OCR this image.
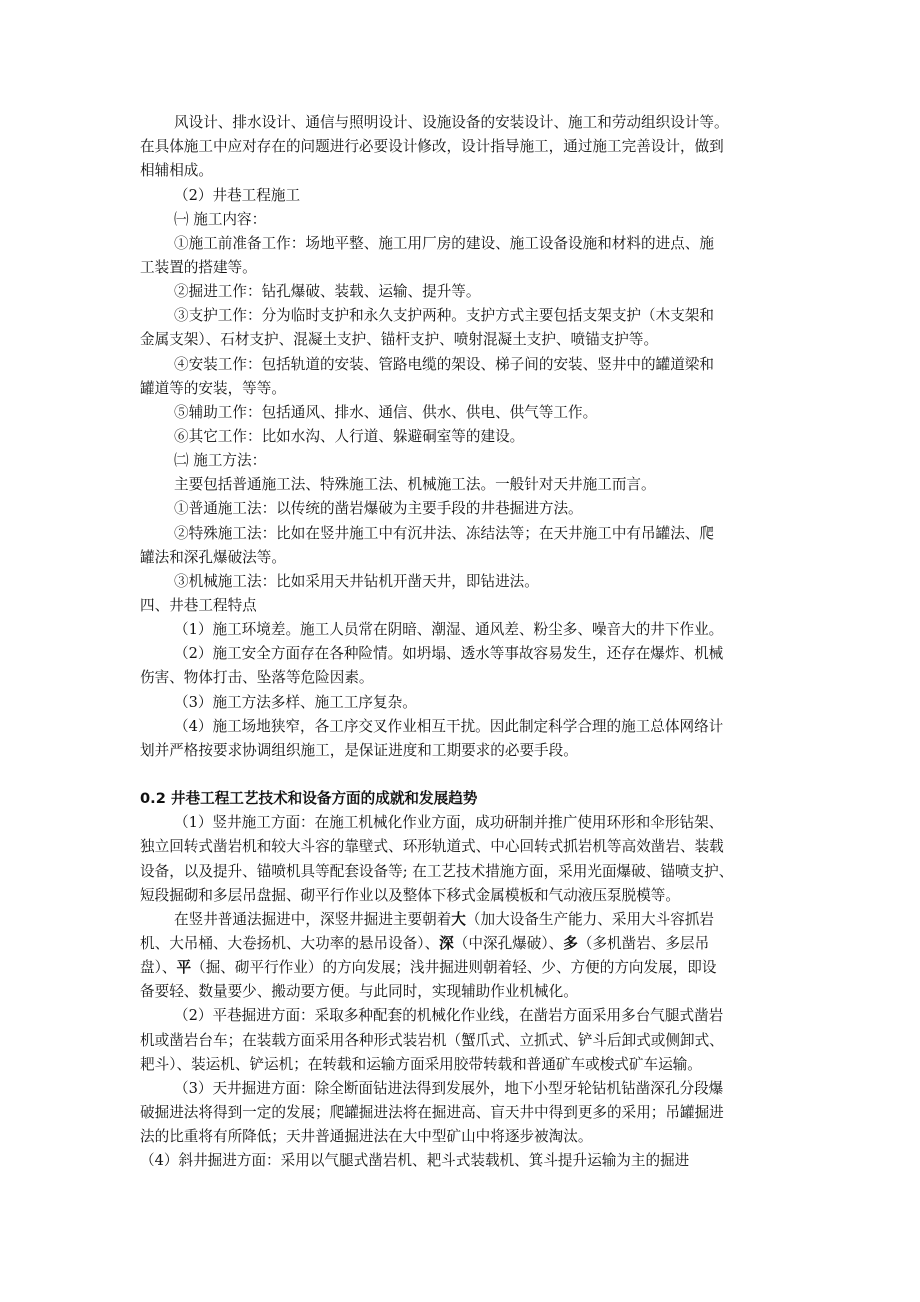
风设计、排水设计、通信与照明设计、设施设备的安装设计、施工和劳动组织设计等。
在具体施工中应对存在的问题进行必要设计修改，设计指导施工，通过施工完善设计，做到
相辅相成。
（2）井巷工程施工
㈠ 施工内容：
①施工前准备工作：场地平整、施工用厂房的建设、施工设备设施和材料的进点、施
工装置的搭建等。
②掘进工作：钻孔爆破、装载、运输、提升等。
③支护工作：分为临时支护和永久支护两种。支护方式主要包括支架支护（木支架和
金属支架）、石材支护、混凝土支护、锚杆支护、喷射混凝土支护、喷锚支护等。
④安装工作：包括轨道的安装、管路电缆的架设、梯子间的安装、竖井中的罐道梁和
罐道等的安装，等等。
⑤辅助工作：包括通风、排水、通信、供水、供电、供气等工作。
⑥其它工作：比如水沟、人行道、躲避硐室等的建设。
㈡ 施工方法：
主要包括普通施工法、特殊施工法、机械施工法。一般针对天井施工而言。
①普通施工法：以传统的凿岩爆破为主要手段的井巷掘进方法。
②特殊施工法：比如在竖井施工中有沉井法、冻结法等；在天井施工中有吊罐法、爬
罐法和深孔爆破法等。
③机械施工法：比如采用天井钻机开凿天井，即钻进法。
四、井巷工程特点
（1）施工环境差。施工人员常在阴暗、潮湿、通风差、粉尘多、噪音大的井下作业。
（2）施工安全方面存在各种险情。如坍塌、透水等事故容易发生，还存在爆炸、机械
伤害、物体打击、坠落等危险因素。
（3）施工方法多样、施工工序复杂。
（4）施工场地狭窄，各工序交叉作业相互干扰。因此制定科学合理的施工总体网络计
划并严格按要求协调组织施工，是保证进度和工期要求的必要手段。
0.2 井巷工程工艺技术和设备方面的成就和发展趋势
（1）竖井施工方面：在施工机械化作业方面，成功研制并推广使用环形和伞形钻架、
独立回转式凿岩机和较大斗容的靠壁式、环形轨道式、中心回转式抓岩机等高效凿岩、装载
设备，以及提升、锚喷机具等配套设备等; 在工艺技术措施方面，采用光面爆破、锚喷支护、
短段掘砌和多层吊盘掘、砌平行作业以及整体下移式金属模板和气动液压泵脱模等。
在竖井普通法掘进中，深竖井掘进主要朝着大（加大设备生产能力、采用大斗容抓岩
机、大吊桶、大卷扬机、大功率的悬吊设备）、深（中深孔爆破）、多（多机凿岩、多层吊
盘）、平（掘、砌平行作业）的方向发展；浅井掘进则朝着轻、少、方便的方向发展，即设
备要轻、数量要少、搬动要方便。与此同时，实现辅助作业机械化。
（2）平巷掘进方面：采取多种配套的机械化作业线，在凿岩方面采用多台气腿式凿岩
机或凿岩台车；在装载方面采用各种形式装岩机（蟹爪式、立抓式、铲斗后卸式或侧卸式、
耙斗）、装运机、铲运机；在转载和运输方面采用胶带转载和普通矿车或梭式矿车运输。
（3）天井掘进方面：除全断面钻进法得到发展外，地下小型牙轮钻机钻凿深孔分段爆
破掘进法将得到一定的发展；爬罐掘进法将在掘进高、盲天井中得到更多的采用；吊罐掘进
法的比重将有所降低；天井普通掘进法在大中型矿山中将逐步被淘汰。
（4）斜井掘进方面：采用以气腿式凿岩机、耙斗式装载机、箕斗提升运输为主的掘进
